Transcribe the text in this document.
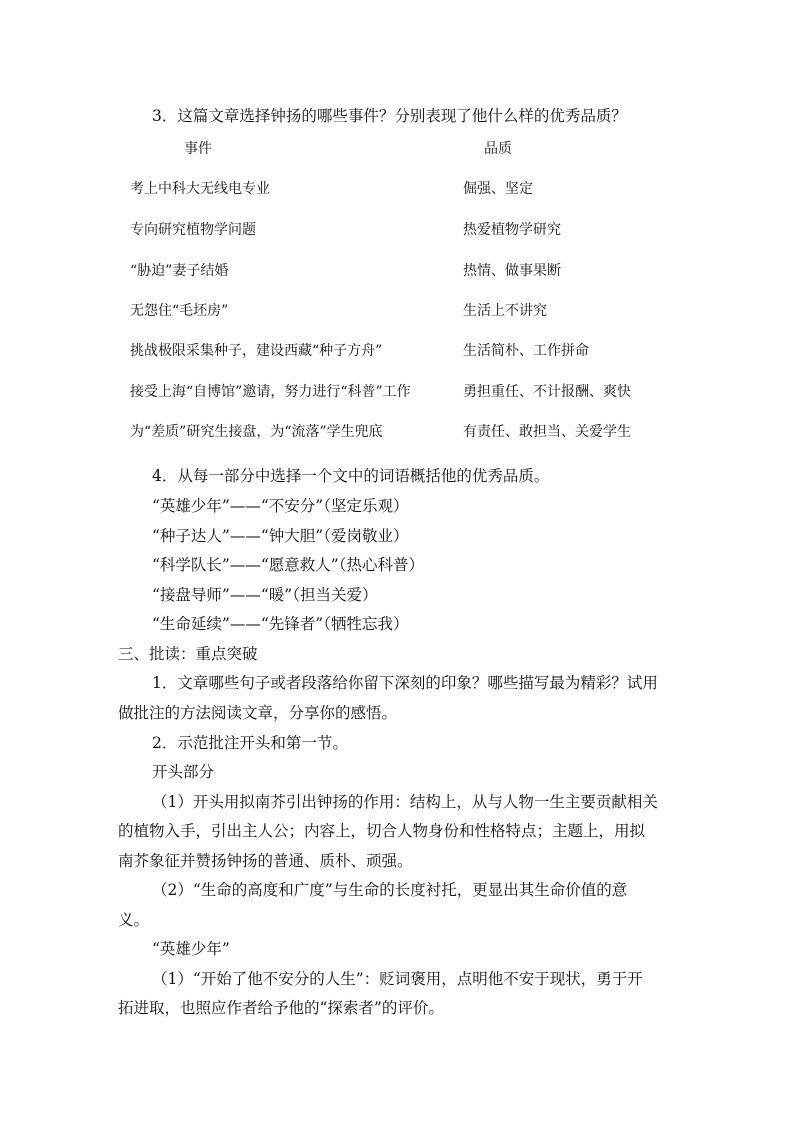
3．这篇文章选择钟扬的哪些事件？分别表现了他什么样的优秀品质？
事件	品质
考上中科大无线电专业	倔强、坚定
专向研究植物学问题	热爱植物学研究
“胁迫”妻子结婚	热情、做事果断
无怨住“毛坯房”	生活上不讲究
挑战极限采集种子，建设西藏“种子方舟”	生活简朴、工作拼命
接受上海“自博馆”邀请，努力进行“科普”工作	勇担重任、不计报酬、爽快
为“差质”研究生接盘，为“流落”学生兜底	有责任、敢担当、关爱学生
4．从每一部分中选择一个文中的词语概括他的优秀品质。
“英雄少年”——“不安分”（坚定乐观）
“种子达人”——“钟大胆”（爱岗敬业）
“科学队长”——“愿意救人”（热心科普）
“接盘导师”——“暖”（担当关爱）
“生命延续”——“先锋者”（牺牲忘我）
三、批读：重点突破
1．文章哪些句子或者段落给你留下深刻的印象？哪些描写最为精彩？试用
做批注的方法阅读文章，分享你的感悟。
2．示范批注开头和第一节。
开头部分
（1）开头用拟南芥引出钟扬的作用：结构上，从与人物一生主要贡献相关
的植物入手，引出主人公；内容上，切合人物身份和性格特点；主题上，用拟
南芥象征并赞扬钟扬的普通、质朴、顽强。
（2）“生命的高度和广度”与生命的长度衬托，更显出其生命价值的意
义。
“英雄少年”
（1）“开始了他不安分的人生”：贬词褒用，点明他不安于现状，勇于开
拓进取，也照应作者给予他的“探索者”的评价。
